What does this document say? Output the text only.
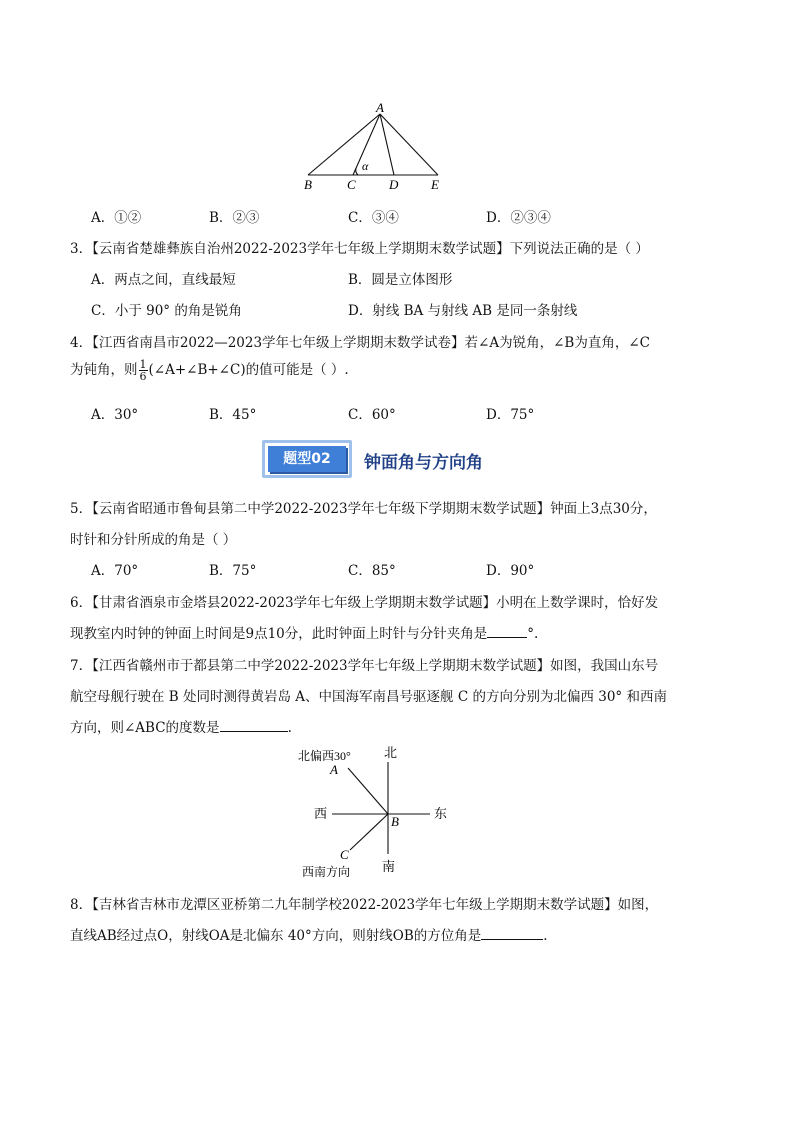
A
B	C	D	E
α
A．①②	B．②③	C．③④	D．②③④
3．【云南省楚雄彝族自治州2022-2023学年七年级上学期期末数学试题】下列说法正确的是（ ）
A．两点之间，直线最短	B．圆是立体图形
C．小于 90° 的角是锐角	D．射线 BA 与射线 AB 是同一条射线
4．【江西省南昌市2022—2023学年七年级上学期期末数学试卷】若∠A为锐角，∠B为直角，∠C
为钝角，则 $\frac{1}{6}$ (∠A+∠B+∠C)的值可能是（ ）.
A．30°	B．45°	C．60°	D．75°
题型02	钟面角与方向角
5．【云南省昭通市鲁甸县第二中学2022-2023学年七年级下学期期末数学试题】钟面上3点30分，
时针和分针所成的角是（ ）
A．70°	B．75°	C．85°	D．90°
6．【甘肃省酒泉市金塔县2022-2023学年七年级上学期期末数学试题】小明在上数学课时，恰好发
现教室内时钟的钟面上时间是9点10分，此时钟面上时针与分针夹角是	°.
7．【江西省赣州市于都县第二中学2022-2023学年七年级上学期期末数学试题】如图，我国山东号
航空母舰行驶在 B 处同时测得黄岩岛 A、中国海军南昌号驱逐舰 C 的方向分别为北偏西 30° 和西南
方向，则∠ABC的度数是	.
北
南
东
西
北偏西30°
西南方向
A
B
C
8．【吉林省吉林市龙潭区亚桥第二九年制学校2022-2023学年七年级上学期期末数学试题】如图，
直线AB经过点O，射线OA是北偏东 40°方向，则射线OB的方位角是	.
